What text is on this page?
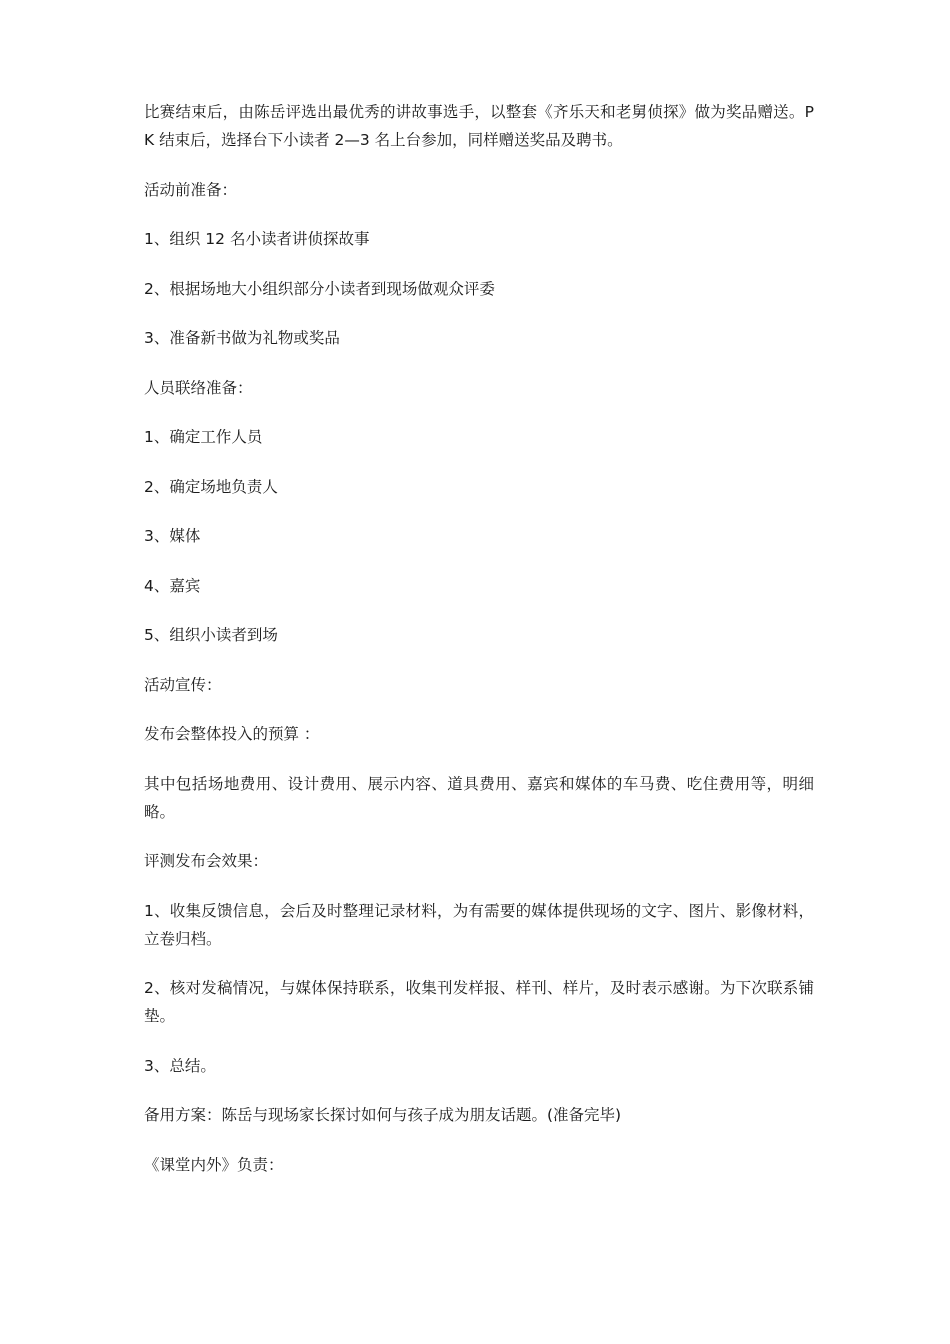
比赛结束后，由陈岳评选出最优秀的讲故事选手，以整套《齐乐天和老舅侦探》做为奖品赠送。PK 结束后，选择台下小读者 2—3 名上台参加，同样赠送奖品及聘书。

活动前准备：

1、组织 12 名小读者讲侦探故事

2、根据场地大小组织部分小读者到现场做观众评委

3、准备新书做为礼物或奖品

人员联络准备：

1、确定工作人员

2、确定场地负责人

3、媒体

4、嘉宾

5、组织小读者到场

活动宣传：

发布会整体投入的预算 ：

其中包括场地费用、设计费用、展示内容、道具费用、嘉宾和媒体的车马费、吃住费用等，明细略。

评测发布会效果：

1、收集反馈信息，会后及时整理记录材料，为有需要的媒体提供现场的文字、图片、影像材料，立卷归档。

2、核对发稿情况，与媒体保持联系，收集刊发样报、样刊、样片，及时表示感谢。为下次联系铺垫。

3、总结。

备用方案：陈岳与现场家长探讨如何与孩子成为朋友话题。(准备完毕)

《课堂内外》负责：
